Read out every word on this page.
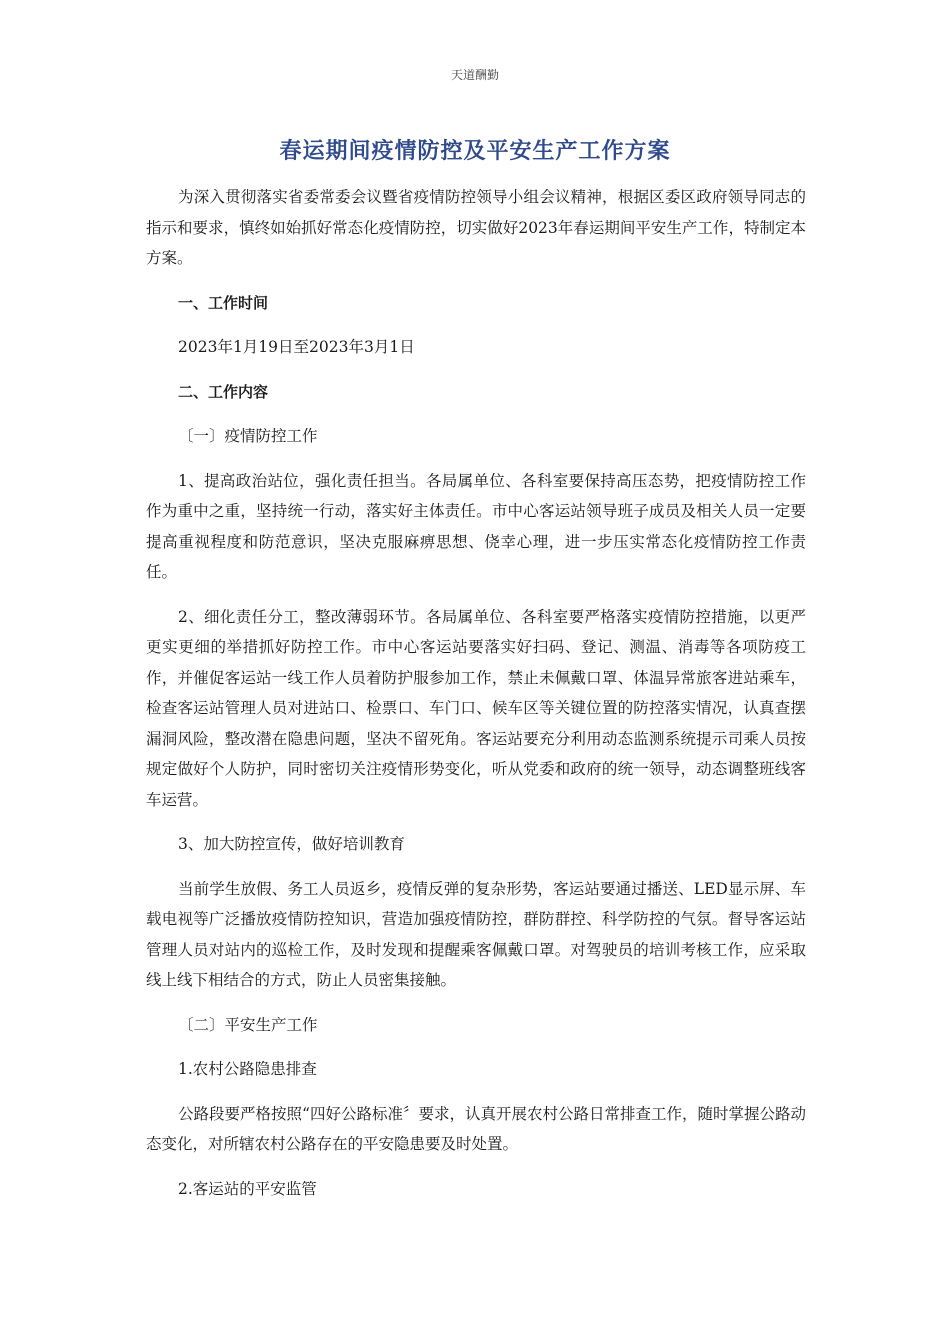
天道酬勤
春运期间疫情防控及平安生产工作方案

为深入贯彻落实省委常委会议暨省疫情防控领导小组会议精神，根据区委区政府领导同志的指示和要求，慎终如始抓好常态化疫情防控，切实做好2023年春运期间平安生产工作，特制定本方案。

一、工作时间

2023年1月19日至2023年3月1日

二、工作内容

〔一〕疫情防控工作

1、提高政治站位，强化责任担当。各局属单位、各科室要保持高压态势，把疫情防控工作作为重中之重，坚持统一行动，落实好主体责任。市中心客运站领导班子成员及相关人员一定要提高重视程度和防范意识，坚决克服麻痹思想、侥幸心理，进一步压实常态化疫情防控工作责任。

2、细化责任分工，整改薄弱环节。各局属单位、各科室要严格落实疫情防控措施，以更严更实更细的举措抓好防控工作。市中心客运站要落实好扫码、登记、测温、消毒等各项防疫工作，并催促客运站一线工作人员着防护服参加工作，禁止未佩戴口罩、体温异常旅客进站乘车，检查客运站管理人员对进站口、检票口、车门口、候车区等关键位置的防控落实情况，认真查摆漏洞风险，整改潜在隐患问题，坚决不留死角。客运站要充分利用动态监测系统提示司乘人员按规定做好个人防护，同时密切关注疫情形势变化，听从党委和政府的统一领导，动态调整班线客车运营。

3、加大防控宣传，做好培训教育

当前学生放假、务工人员返乡，疫情反弹的复杂形势，客运站要通过播送、LED显示屏、车载电视等广泛播放疫情防控知识，营造加强疫情防控，群防群控、科学防控的气氛。督导客运站管理人员对站内的巡检工作，及时发现和提醒乘客佩戴口罩。对驾驶员的培训考核工作，应采取线上线下相结合的方式，防止人员密集接触。

〔二〕平安生产工作

1.农村公路隐患排查

公路段要严格按照“四好公路标准〞要求，认真开展农村公路日常排查工作，随时掌握公路动态变化，对所辖农村公路存在的平安隐患要及时处置。

2.客运站的平安监管
